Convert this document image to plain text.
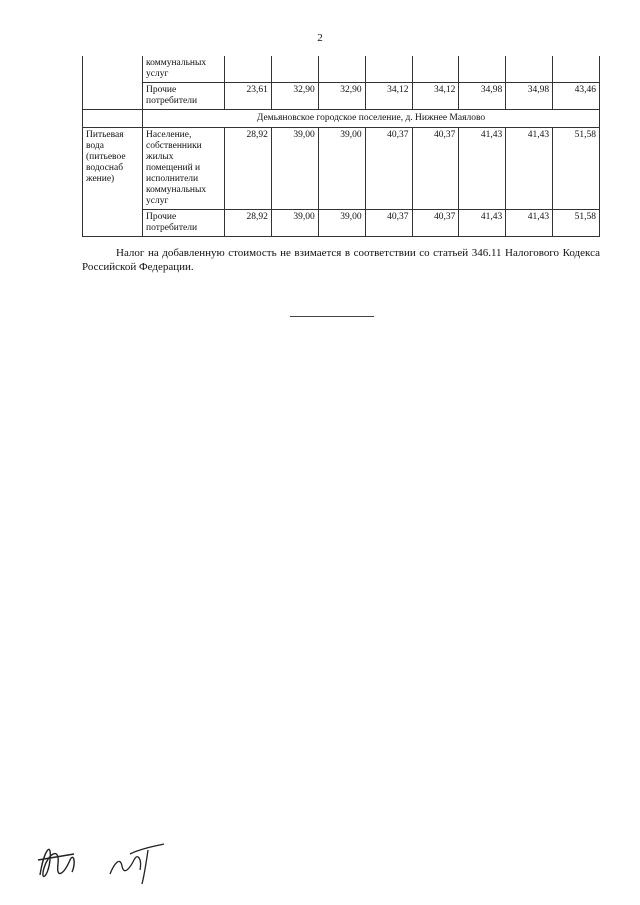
2
	коммунальных услуг								
	Прочие потребители	23,61	32,90	32,90	34,12	34,12	34,98	34,98	43,46
	Демьяновское городское поселение, д. Нижнее Маялово								
Питьевая вода (питьевое водоснаб жение)	Население, собственники жилых помещений и исполнители коммунальных услуг	28,92	39,00	39,00	40,37	40,37	41,43	41,43	51,58
	Прочие потребители	28,92	39,00	39,00	40,37	40,37	41,43	41,43	51,58
Налог на добавленную стоимость не взимается в соответствии со статьей 346.11 Налогового Кодекса Российской Федерации.
